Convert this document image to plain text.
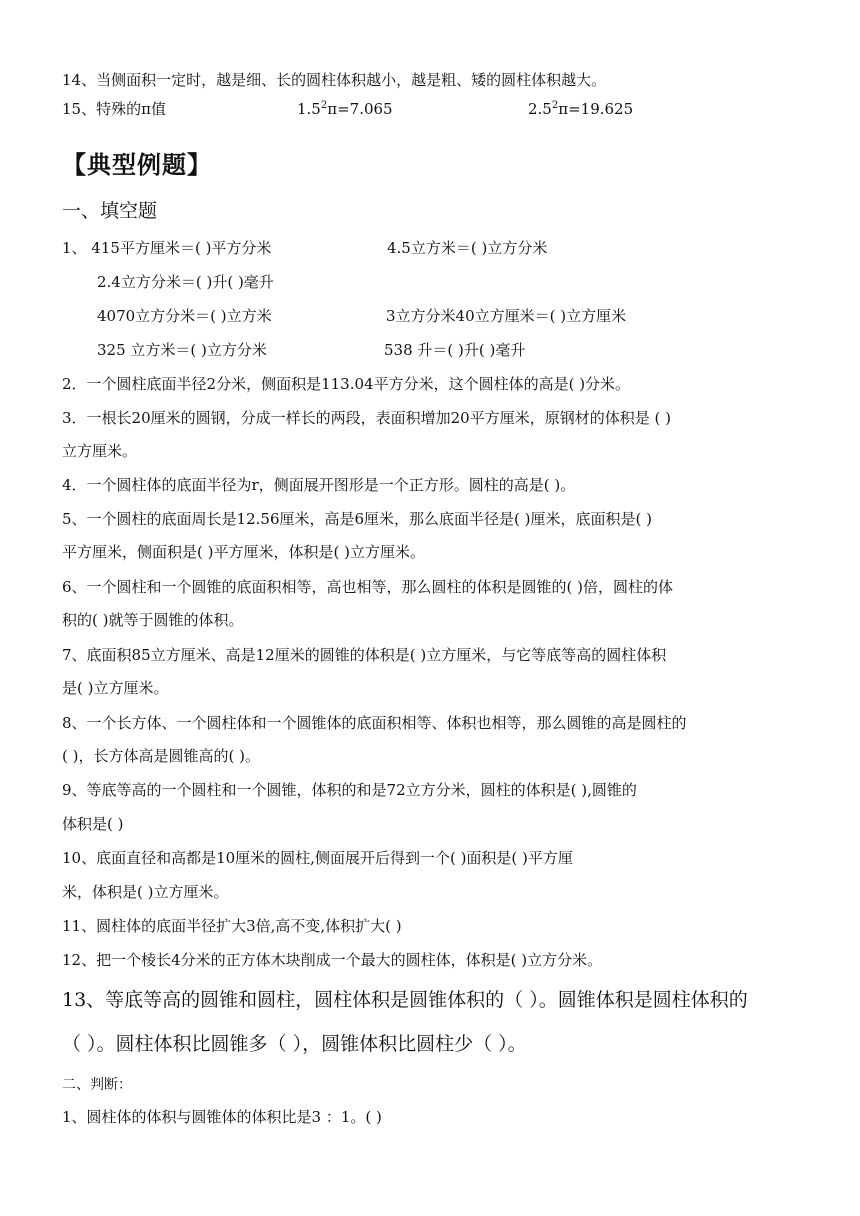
14、当侧面积一定时，越是细、长的圆柱体积越小，越是粗、矮的圆柱体积越大。
15、特殊的π值	$1.5^2\pi=7.065$	$2.5^2\pi=19.625$
【典型例题】
一、填空题
1、 415平方厘米＝( )平方分米	4.5立方米＝( )立方分米
2.4立方分米＝( )升( )毫升
4070立方分米＝( )立方米	3立方分米40立方厘米＝( )立方厘米
325 立方米＝( )立方分米	538 升＝( )升( )毫升
2．一个圆柱底面半径2分米，侧面积是113.04平方分米，这个圆柱体的高是( )分米。
3．一根长20厘米的圆钢，分成一样长的两段，表面积增加20平方厘米，原钢材的体积是 ( )
立方厘米。
4．一个圆柱体的底面半径为r，侧面展开图形是一个正方形。圆柱的高是( )。
5、一个圆柱的底面周长是12.56厘米，高是6厘米，那么底面半径是( )厘米，底面积是( )
平方厘米，侧面积是( )平方厘米，体积是( )立方厘米。
6、一个圆柱和一个圆锥的底面积相等，高也相等，那么圆柱的体积是圆锥的( )倍，圆柱的体
积的( )就等于圆锥的体积。
7、底面积85立方厘米、高是12厘米的圆锥的体积是( )立方厘米，与它等底等高的圆柱体积
是( )立方厘米。
8、一个长方体、一个圆柱体和一个圆锥体的底面积相等、体积也相等，那么圆锥的高是圆柱的
( )，长方体高是圆锥高的( )。
9、等底等高的一个圆柱和一个圆锥，体积的和是72立方分米，圆柱的体积是( ),圆锥的
体积是( )
10、底面直径和高都是10厘米的圆柱,侧面展开后得到一个( )面积是( )平方厘
米，体积是( )立方厘米。
11、圆柱体的底面半径扩大3倍,高不变,体积扩大( )
12、把一个棱长4分米的正方体木块削成一个最大的圆柱体，体积是( )立方分米。
13、等底等高的圆锥和圆柱，圆柱体积是圆锥体积的（ ）。圆锥体积是圆柱体积的
（ ）。圆柱体积比圆锥多（ ），圆锥体积比圆柱少（ ）。
二、判断：
1、圆柱体的体积与圆锥体的体积比是3 ：1。( )
